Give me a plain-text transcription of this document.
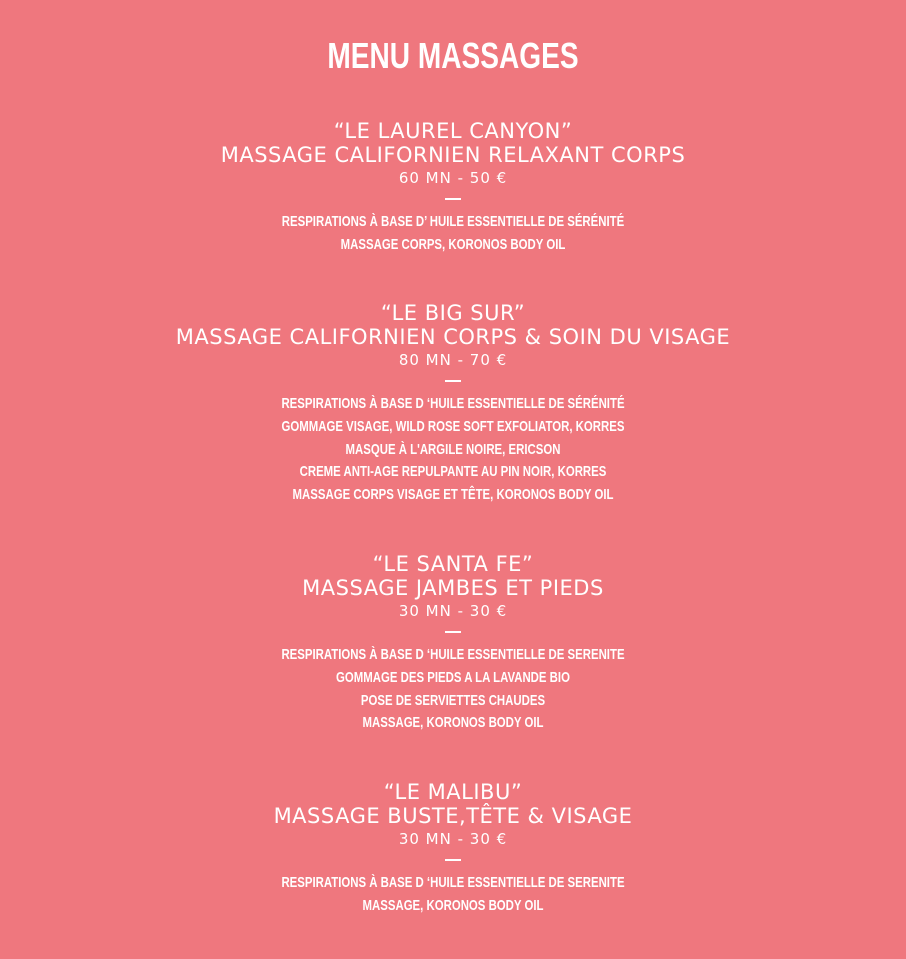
MENU MASSAGES
“LE LAUREL CANYON”
MASSAGE CALIFORNIEN RELAXANT CORPS
60 MN - 50 €
RESPIRATIONS À BASE D’ HUILE ESSENTIELLE DE SÉRÉNITÉ
MASSAGE CORPS, KORONOS BODY OIL
“LE BIG SUR”
MASSAGE CALIFORNIEN CORPS & SOIN DU VISAGE
80 MN - 70 €
RESPIRATIONS À BASE D ‘HUILE ESSENTIELLE DE SÉRÉNITÉ
GOMMAGE VISAGE, WILD ROSE SOFT EXFOLIATOR, KORRES
MASQUE À L'ARGILE NOIRE, ERICSON
CREME ANTI-AGE REPULPANTE AU PIN NOIR, KORRES
MASSAGE CORPS VISAGE ET TÊTE, KORONOS BODY OIL
“LE SANTA FE”
MASSAGE JAMBES ET PIEDS
30 MN - 30 €
RESPIRATIONS À BASE D ‘HUILE ESSENTIELLE DE SERENITE
GOMMAGE DES PIEDS A LA LAVANDE BIO
POSE DE SERVIETTES CHAUDES
MASSAGE, KORONOS BODY OIL
“LE MALIBU”
MASSAGE BUSTE,TÊTE & VISAGE
30 MN - 30 €
RESPIRATIONS À BASE D ‘HUILE ESSENTIELLE DE SERENITE
MASSAGE, KORONOS BODY OIL
